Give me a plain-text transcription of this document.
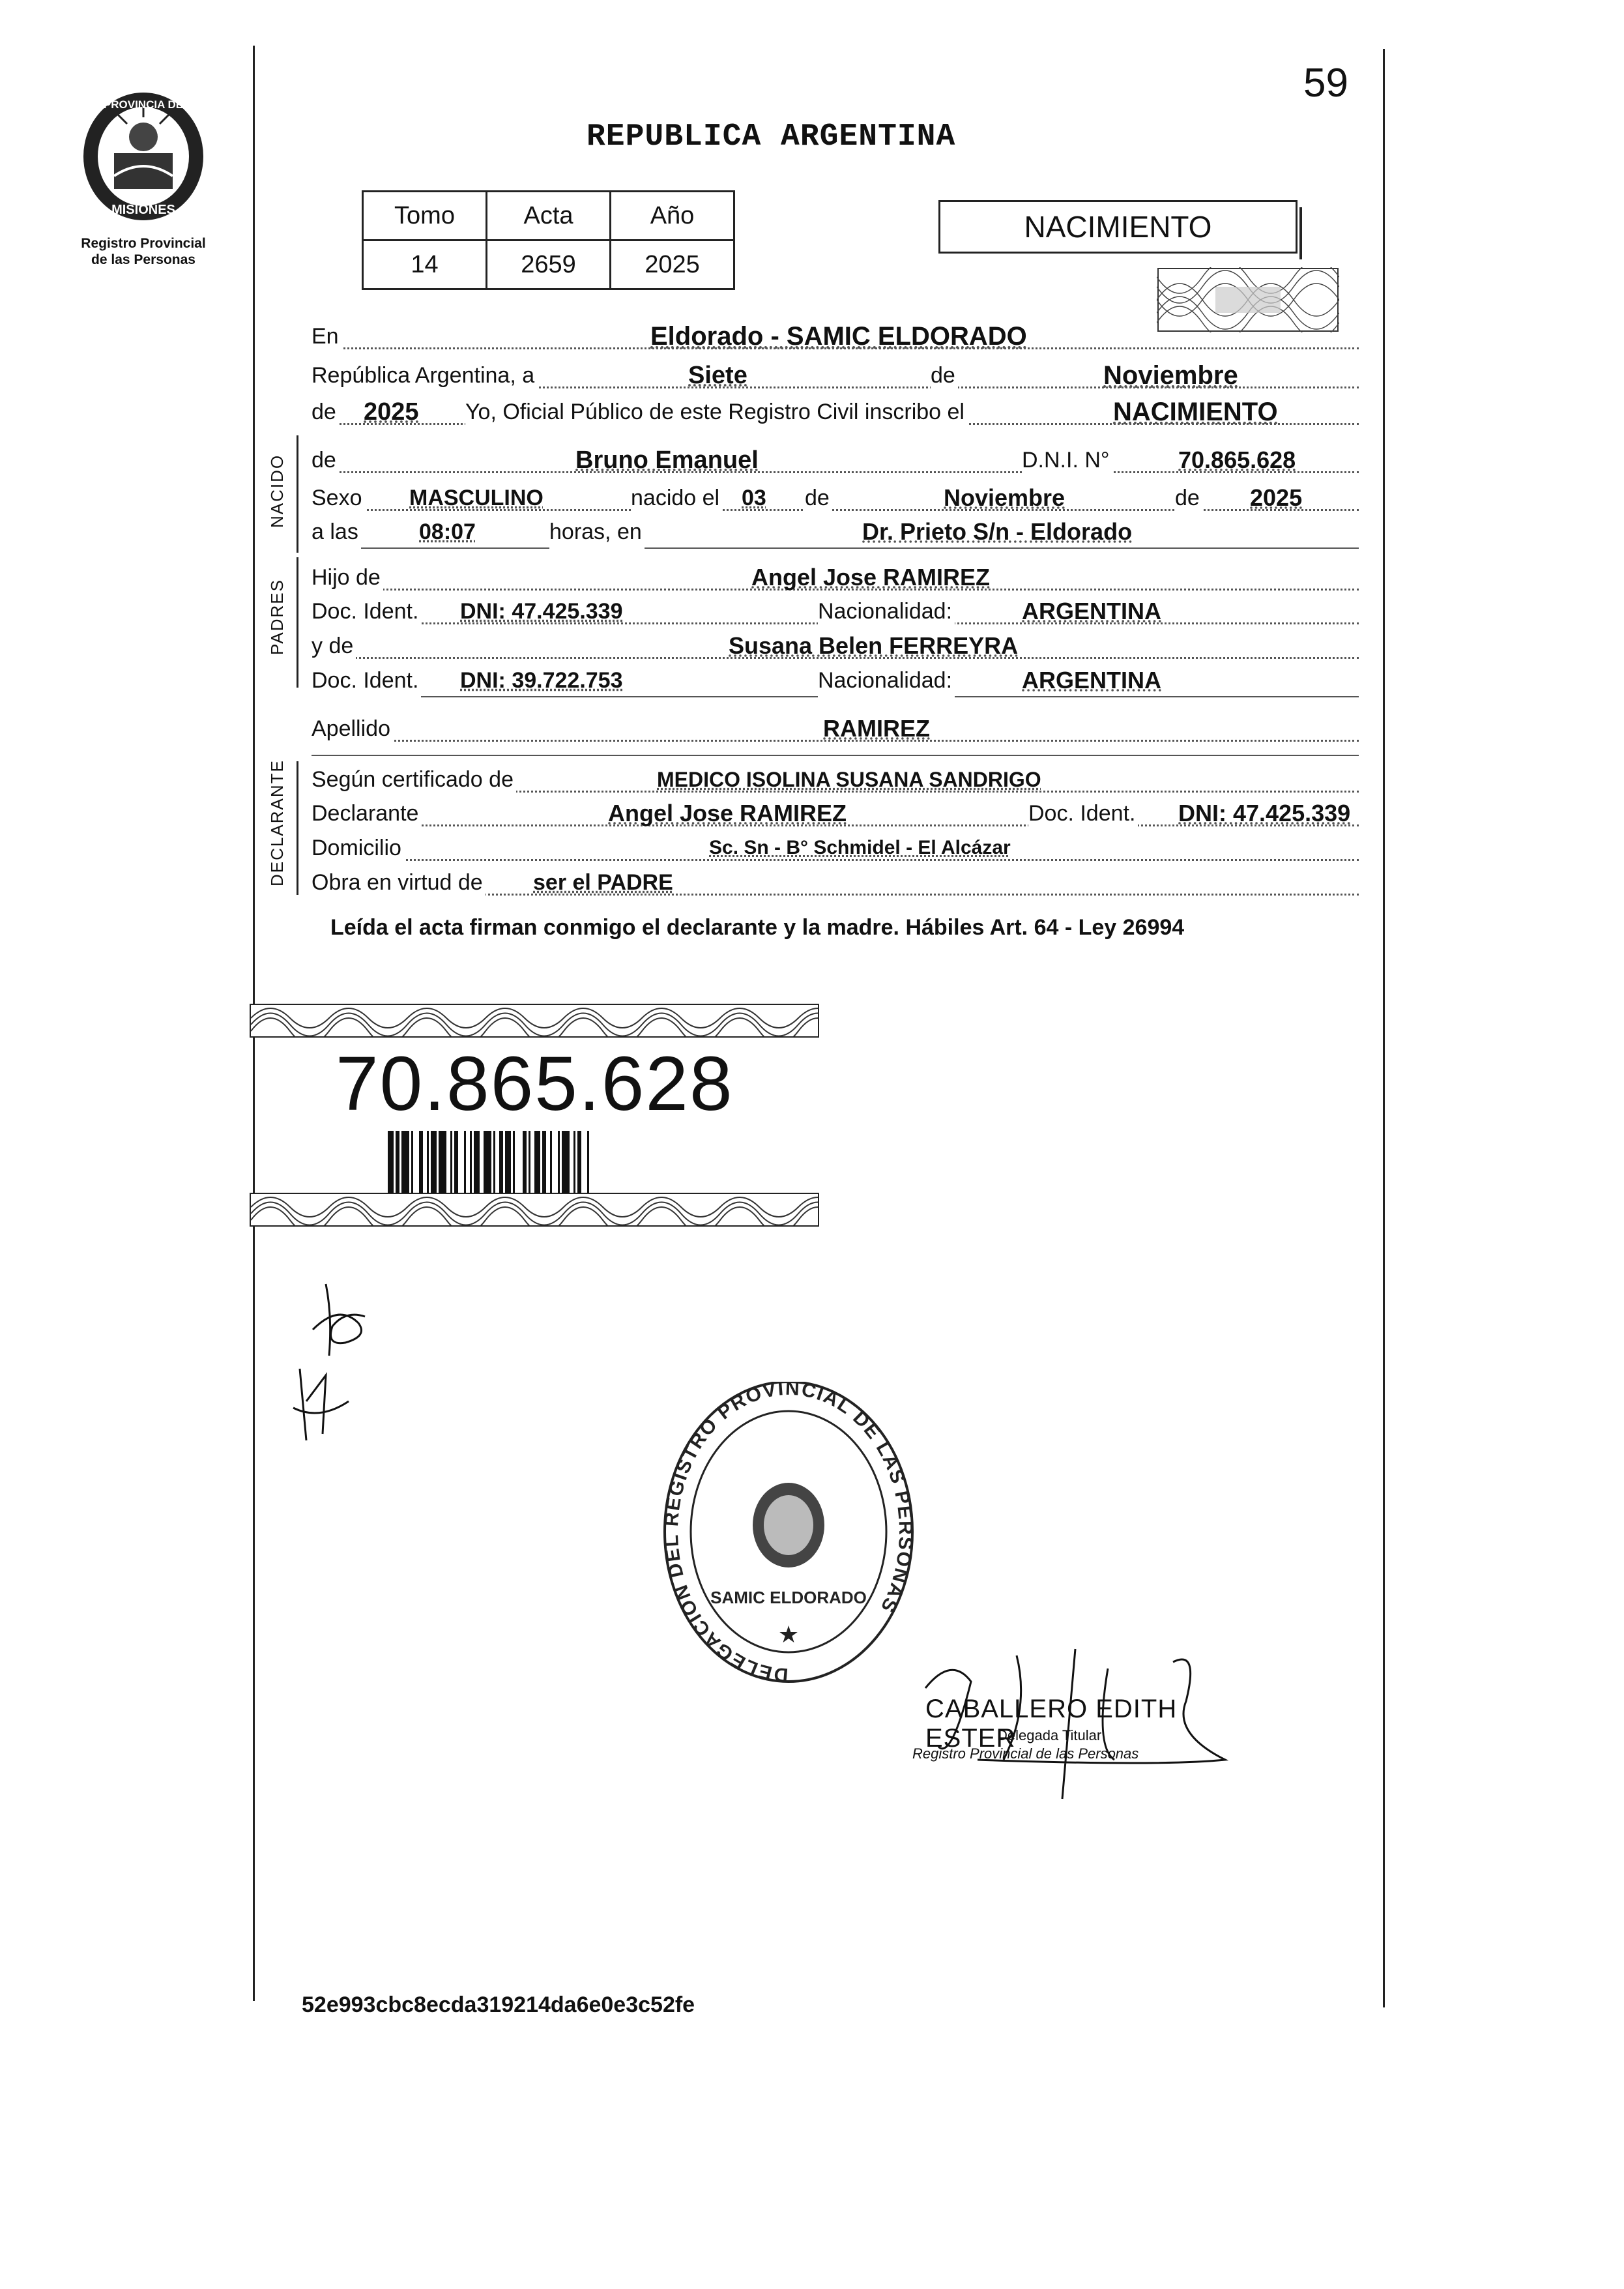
PROVINCIA DE
MISIONES
Registro Provincial
de las Personas
REPUBLICA ARGENTINA
59
Tomo	Acta	Año
14	2659	2025
NACIMIENTO
En	Eldorado - SAMIC ELDORADO
República Argentina, a	Siete	de	Noviembre
de 2025 Yo, Oficial Público de este Registro Civil inscribo el	NACIMIENTO
NACIDO de	Bruno Emanuel	D.N.I. N°	70.865.628
Sexo MASCULINO	nacido el 03 de	Noviembre	de 2025
a las	08:07	horas, en	Dr. Prieto S/n - Eldorado
PADRES
Hijo de	Angel Jose RAMIREZ
Doc. Ident. DNI: 47.425.339	Nacionalidad:	ARGENTINA
y de	Susana Belen FERREYRA
Doc. Ident. DNI: 39.722.753	Nacionalidad:	ARGENTINA
Apellido	RAMIREZ
DECLARANTE Según certificado de	MEDICO ISOLINA SUSANA SANDRIGO
Declarante	Angel Jose RAMIREZ	Doc. Ident. DNI: 47.425.339
Domicilio	Sc. Sn - B° Schmidel - El Alcázar
Obra en virtud de ser el PADRE
Leída el acta firman conmigo el declarante y la madre. Hábiles Art. 64 - Ley 26994
70.865.628
DELEGACION DEL REGISTRO PROVINCIAL DE LAS PERSONAS
SAMIC ELDORADO
★
CABALLERO EDITH ESTER
Delegada Titular
Registro Provincial de las Personas
52e993cbc8ecda319214da6e0e3c52fe
